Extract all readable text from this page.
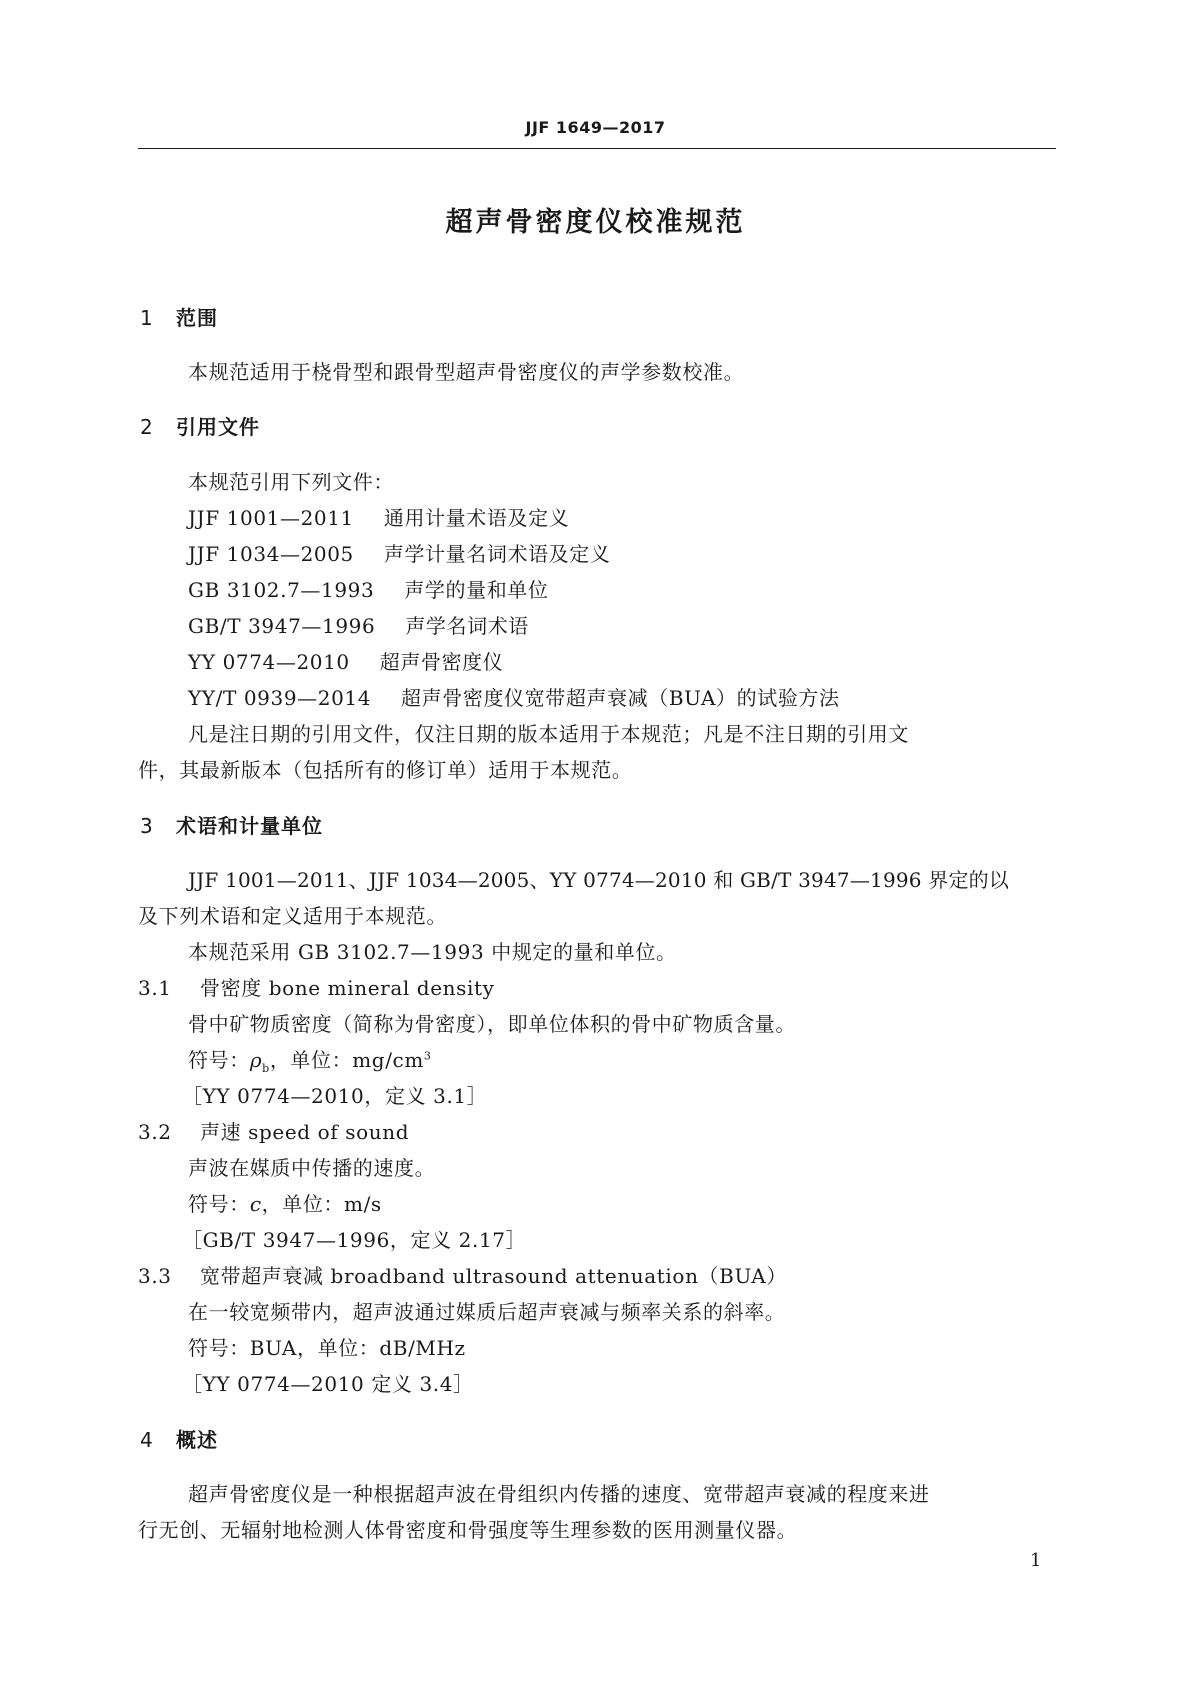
JJF 1649—2017
超声骨密度仪校准规范
1 范围
本规范适用于桡骨型和跟骨型超声骨密度仪的声学参数校准。
2 引用文件
本规范引用下列文件：
JJF 1001—2011 通用计量术语及定义
JJF 1034—2005 声学计量名词术语及定义
GB 3102.7—1993 声学的量和单位
GB/T 3947—1996 声学名词术语
YY 0774—2010 超声骨密度仪
YY/T 0939—2014 超声骨密度仪宽带超声衰减（BUA）的试验方法
凡是注日期的引用文件，仅注日期的版本适用于本规范；凡是不注日期的引用文
件，其最新版本（包括所有的修订单）适用于本规范。
3 术语和计量单位
JJF 1001—2011、JJF 1034—2005、YY 0774—2010 和 GB/T 3947—1996 界定的以
及下列术语和定义适用于本规范。
本规范采用 GB 3102.7—1993 中规定的量和单位。
3.1 骨密度 bone mineral density
骨中矿物质密度（简称为骨密度），即单位体积的骨中矿物质含量。
符号：$\rho_b$，单位：$mg/cm^3$
［YY 0774—2010，定义 3.1］
3.2 声速 speed of sound
声波在媒质中传播的速度。
符号：c，单位：m/s
［GB/T 3947—1996，定义 2.17］
3.3 宽带超声衰减 broadband ultrasound attenuation（BUA）
在一较宽频带内，超声波通过媒质后超声衰减与频率关系的斜率。
符号：BUA，单位：dB/MHz
［YY 0774—2010 定义 3.4］
4 概述
超声骨密度仪是一种根据超声波在骨组织内传播的速度、宽带超声衰减的程度来进
行无创、无辐射地检测人体骨密度和骨强度等生理参数的医用测量仪器。
1
